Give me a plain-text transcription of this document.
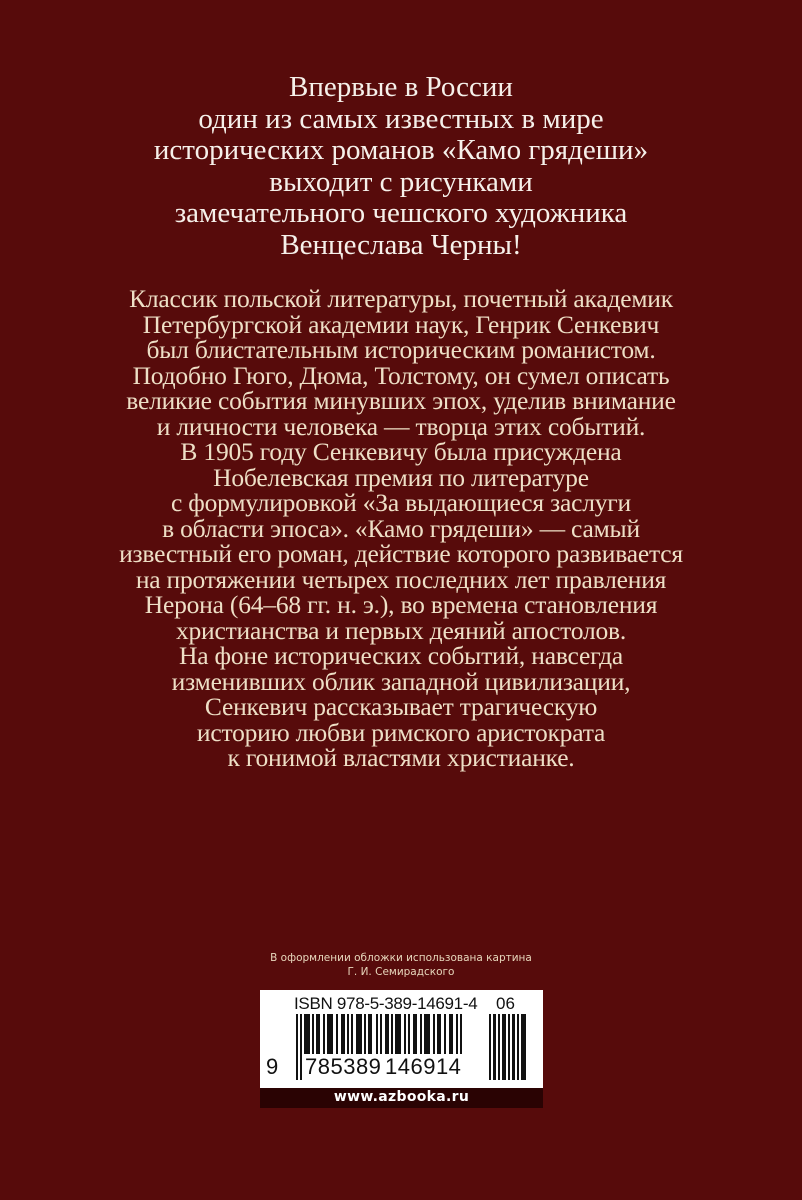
Впервые в России
один из самых известных в мире
исторических романов «Камо грядеши»
выходит с рисунками
замечательного чешского художника
Венцеслава Черны!
Классик польской литературы, почетный академик
Петербургской академии наук, Генрик Сенкевич
был блистательным историческим романистом.
Подобно Гюго, Дюма, Толстому, он сумел описать
великие события минувших эпох, уделив внимание
и личности человека — творца этих событий.
В 1905 году Сенкевичу была присуждена
Нобелевская премия по литературе
с формулировкой «За выдающиеся заслуги
в области эпоса». «Камо грядеши» — самый
известный его роман, действие которого развивается
на протяжении четырех последних лет правления
Нерона (64–68 гг. н. э.), во времена становления
христианства и первых деяний апостолов.
На фоне исторических событий, навсегда
изменивших облик западной цивилизации,
Сенкевич рассказывает трагическую
историю любви римского аристократа
к гонимой властями христианке.
В оформлении обложки использована картина
Г. И. Семирадского
ISBN 978-5-389-14691-4 06
9 785389 146914
www.azbooka.ru
